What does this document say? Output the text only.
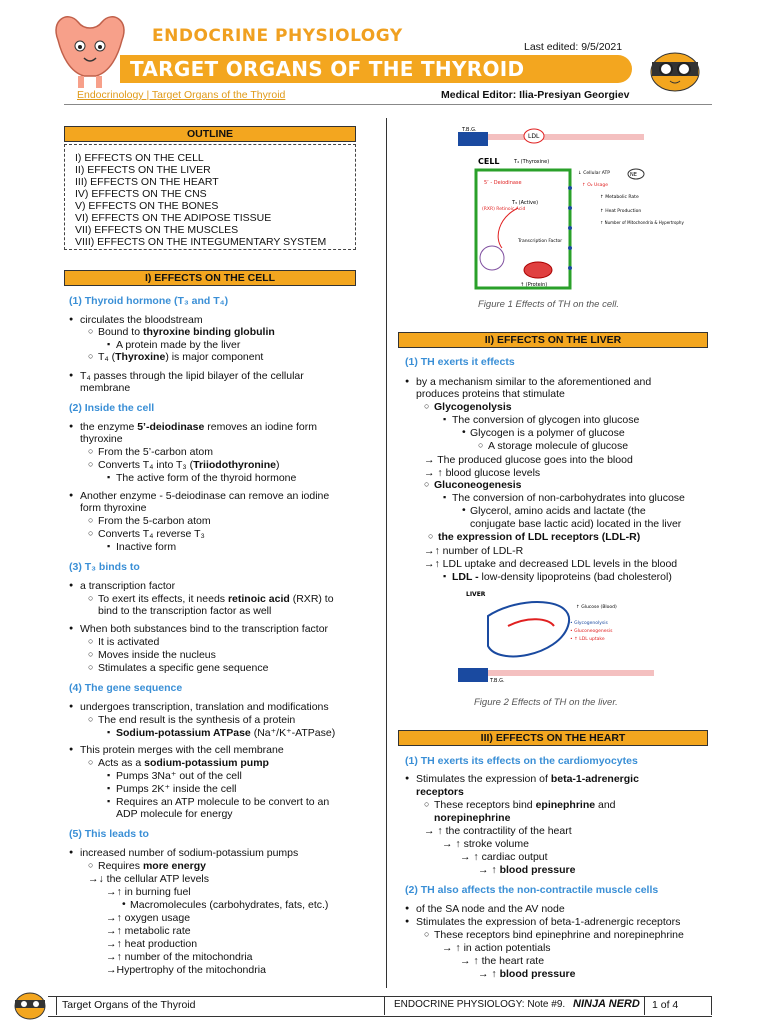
ENDOCRINE PHYSIOLOGY
TARGET ORGANS OF THE THYROID
Last edited: 9/5/2021
Endocrinology | Target Organs of the Thyroid	Medical Editor: Ilia-Presiyan Georgiev
OUTLINE
I) EFFECTS ON THE CELL
II) EFFECTS ON THE LIVER
III) EFFECTS ON THE HEART
IV) EFFECTS ON THE CNS
V) EFFECTS ON THE BONES
VI) EFFECTS ON THE ADIPOSE TISSUE
VII) EFFECTS ON THE MUSCLES
VIII) EFFECTS ON THE INTEGUMENTARY SYSTEM
I) EFFECTS ON THE CELL
(1) Thyroid hormone (T₃ and T₄)
● circulates the bloodstream
○ Bound to thyroxine binding globulin
▪ A protein made by the liver
○ T₄ (Thyroxine) is major component
● T₄ passes through the lipid bilayer of the cellular
membrane
(2) Inside the cell
● the enzyme 5’-deiodinase removes an iodine form
thyroxine
○ From the 5’-carbon atom
○ Converts T₄ into T₃ (Triiodothyronine)
▪ The active form of the thyroid hormone
● Another enzyme - 5-deiodinase can remove an iodine
form thyroxine
○ From the 5-carbon atom
○ Converts T₄ reverse T₃
▪ Inactive form
(3) T₃ binds to
● a transcription factor
○ To exert its effects, it needs retinoic acid (RXR) to
bind to the transcription factor as well
● When both substances bind to the transcription factor
○ It is activated
○ Moves inside the nucleus
○ Stimulates a specific gene sequence
(4) The gene sequence
● undergoes transcription, translation and modifications
○ The end result is the synthesis of a protein
▪ Sodium-potassium ATPase (Na⁺/K⁺-ATPase)
● This protein merges with the cell membrane
○ Acts as a sodium-potassium pump
▪ Pumps 3Na⁺ out of the cell
▪ Pumps 2K⁺ inside the cell
▪ Requires an ATP molecule to be convert to an
ADP molecule for energy
(5) This leads to
● increased number of sodium-potassium pumps
○ Requires more energy
→↓ the cellular ATP levels
→↑ in burning fuel
• Macromolecules (carbohydrates, fats, etc.)
→↑ oxygen usage
→↑ metabolic rate
→↑ heat production
→↑ number of the mitochondria
→Hypertrophy of the mitochondria
T.B.G.
LDL
CELL	T₄ (Thyroxine)
5’ - Deiodinase
T₃ (Active)
(RXR) Retinoic Acid
Transcription Factor
↑ (Protein)
↓ Cellular ATP
↑ O₂ Usage
↑ Metabolic Rate
↑ Heat Production
↑ Number of Mitochondria & Hypertrophy
NE
Figure 1 Effects of TH on the cell.
II) EFFECTS ON THE LIVER
(1) TH exerts it effects
● by a mechanism similar to the aforementioned and
produces proteins that stimulate
○ Glycogenolysis
▪ The conversion of glycogen into glucose
• Glycogen is a polymer of glucose
○ A storage molecule of glucose
→ The produced glucose goes into the blood
→ ↑ blood glucose levels
○ Gluconeogenesis
▪ The conversion of non-carbohydrates into glucose
• Glycerol, amino acids and lactate (the
conjugate base lactic acid) located in the liver
○ the expression of LDL receptors (LDL-R)
→↑ number of LDL-R
→↑ LDL uptake and decreased LDL levels in the blood
▪ LDL - low-density lipoproteins (bad cholesterol)
LIVER
↑ Glucose (Blood)
• Glycogenolysis
• Gluconeogenesis
• ↑ LDL uptake
T.B.G.
Figure 2 Effects of TH on the liver.
III) EFFECTS ON THE HEART
(1) TH exerts its effects on the cardiomyocytes
● Stimulates the expression of beta-1-adrenergic
receptors
○ These receptors bind epinephrine and
norepinephrine
→ ↑ the contractility of the heart
→ ↑ stroke volume
→ ↑ cardiac output
→ ↑ blood pressure
(2) TH also affects the non-contractile muscle cells
● of the SA node and the AV node
● Stimulates the expression of beta-1-adrenergic receptors
○ These receptors bind epinephrine and norepinephrine
→ ↑ in action potentials
→ ↑ the heart rate
→ ↑ blood pressure
Target Organs of the Thyroid	ENDOCRINE PHYSIOLOGY: Note #9. NINJA NERD 1 of 4
